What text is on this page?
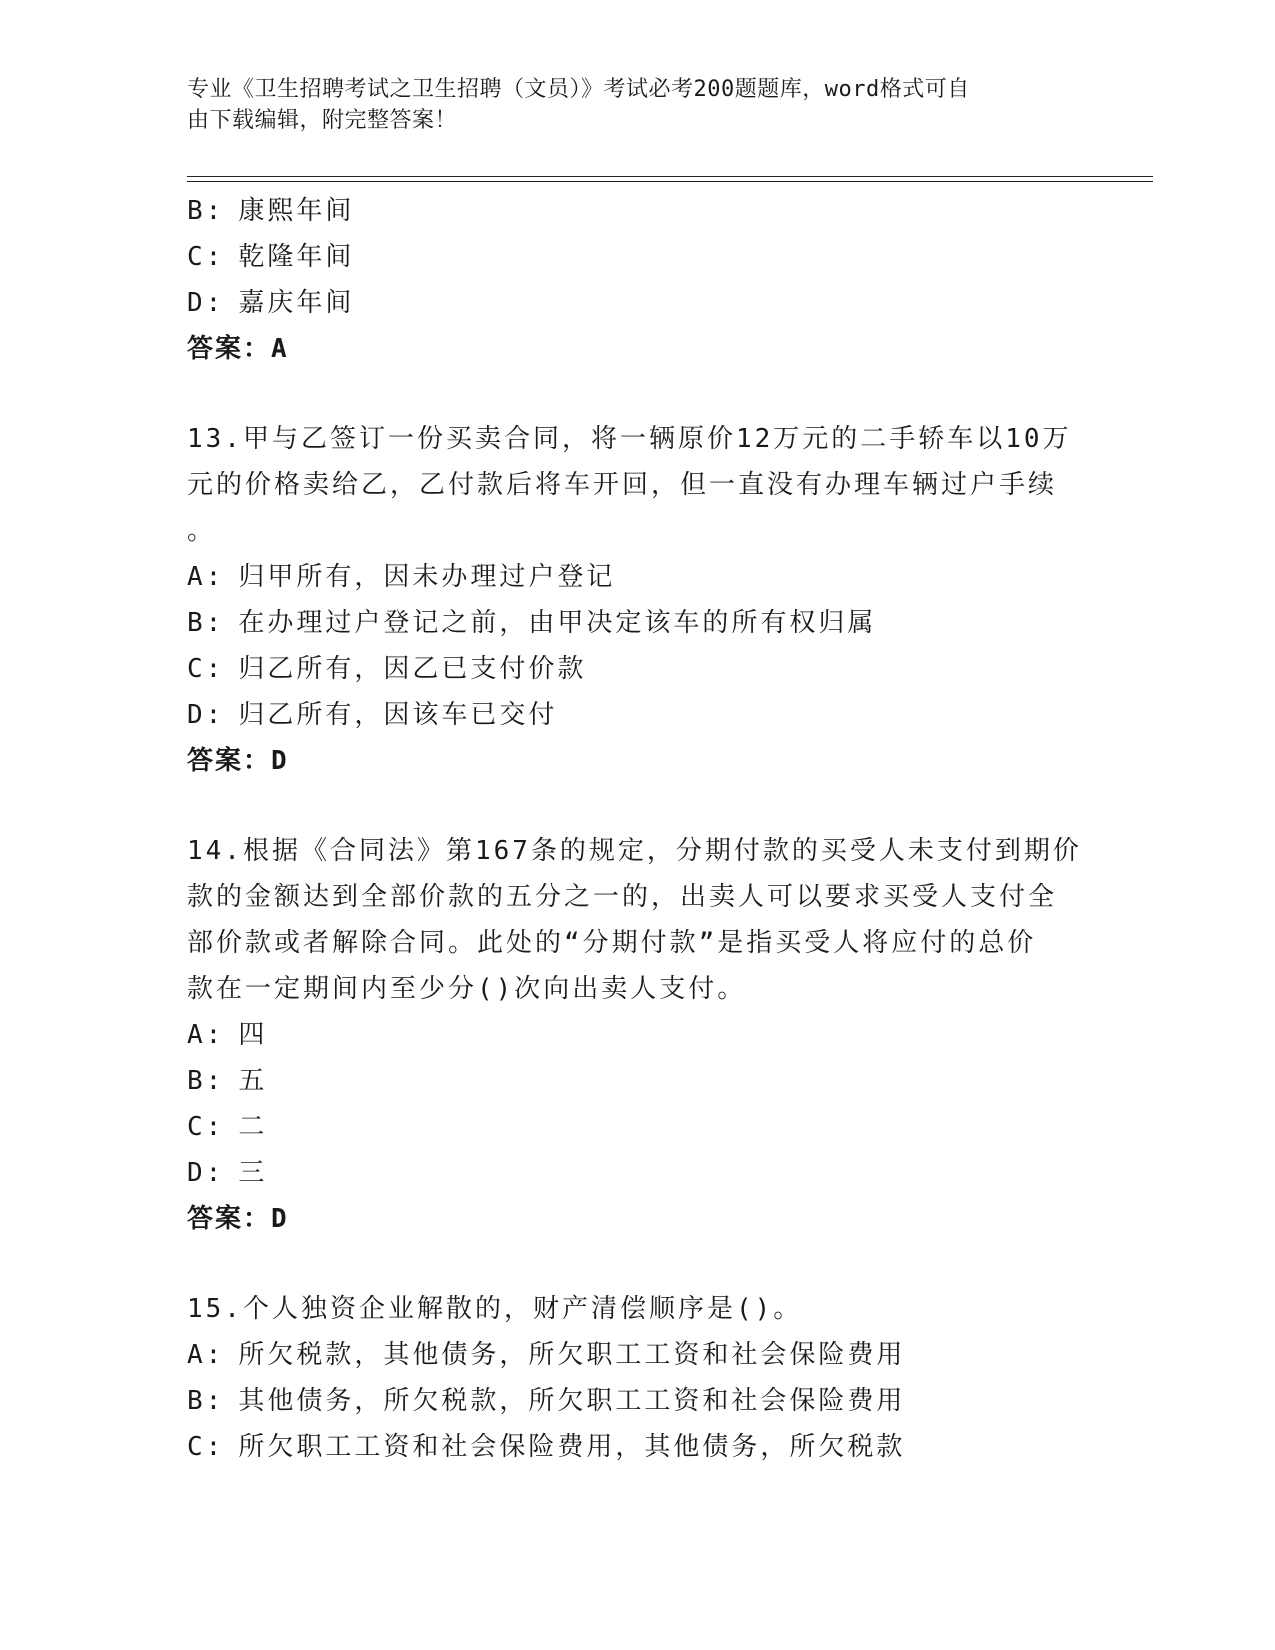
专业《卫生招聘考试之卫生招聘（文员）》考试必考200题题库，word格式可自
由下载编辑，附完整答案！
B: 康熙年间
C: 乾隆年间
D: 嘉庆年间
答案：A
13.甲与乙签订一份买卖合同，将一辆原价12万元的二手轿车以10万
元的价格卖给乙，乙付款后将车开回，但一直没有办理车辆过户手续
。
A: 归甲所有，因未办理过户登记
B: 在办理过户登记之前，由甲决定该车的所有权归属
C: 归乙所有，因乙已支付价款
D: 归乙所有，因该车已交付
答案：D
14.根据《合同法》第167条的规定，分期付款的买受人未支付到期价
款的金额达到全部价款的五分之一的，出卖人可以要求买受人支付全
部价款或者解除合同。此处的“分期付款”是指买受人将应付的总价
款在一定期间内至少分()次向出卖人支付。
A: 四
B: 五
C: 二
D: 三
答案：D
15.个人独资企业解散的，财产清偿顺序是()。
A: 所欠税款，其他债务，所欠职工工资和社会保险费用
B: 其他债务，所欠税款，所欠职工工资和社会保险费用
C: 所欠职工工资和社会保险费用，其他债务，所欠税款
